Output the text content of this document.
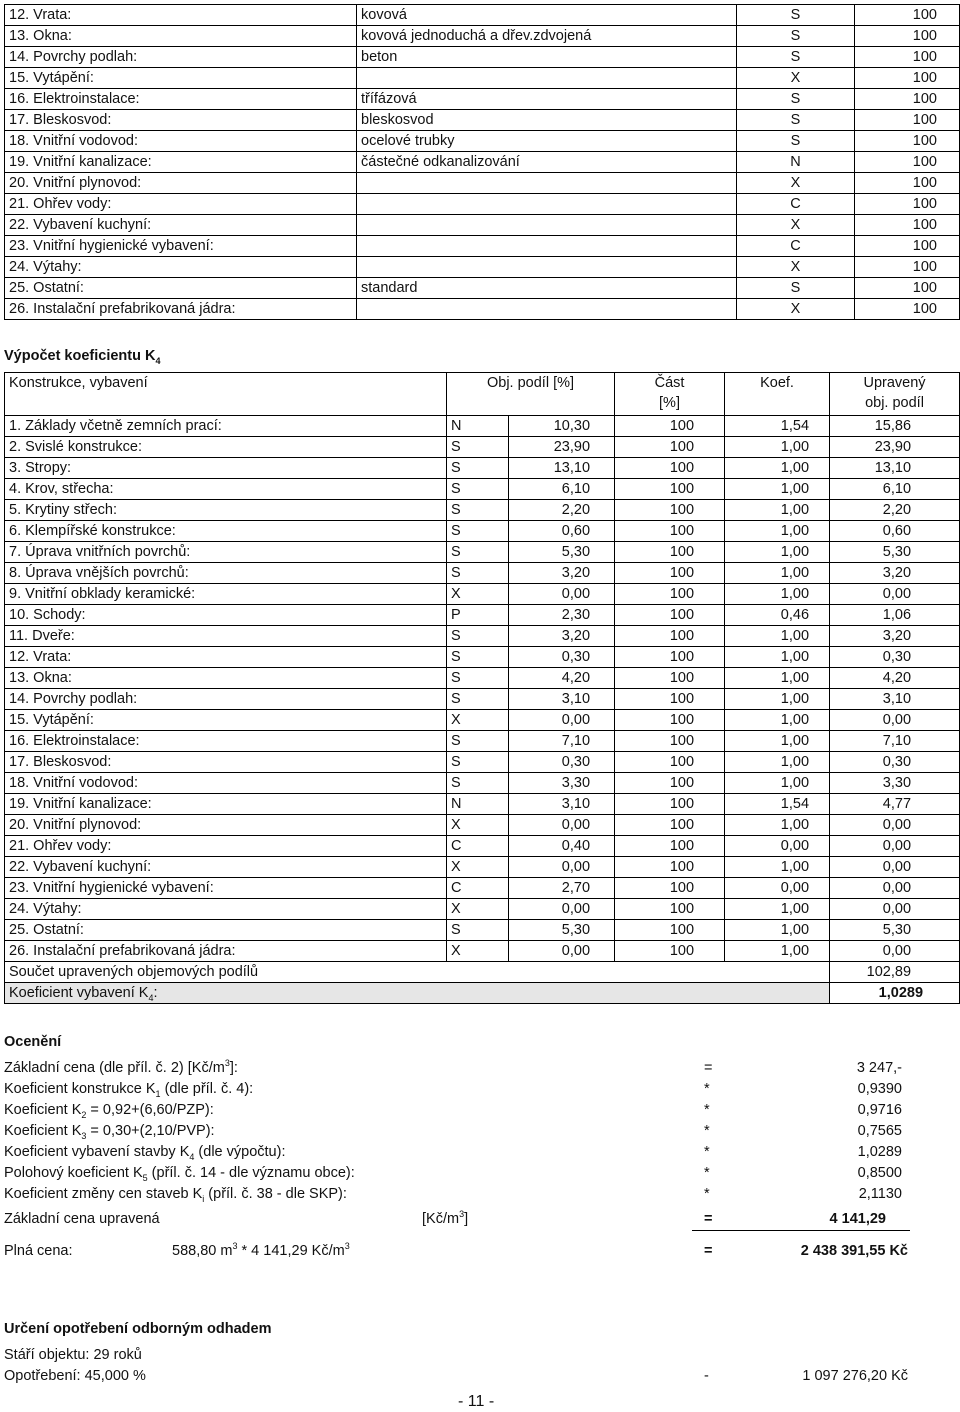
12. Vrata:	kovová	S	100
13. Okna:	kovová jednoduchá a dřev.zdvojená	S	100
14. Povrchy podlah:	beton	S	100
15. Vytápění:		X	100
16. Elektroinstalace:	třífázová	S	100
17. Bleskosvod:	bleskosvod	S	100
18. Vnitřní vodovod:	ocelové trubky	S	100
19. Vnitřní kanalizace:	částečné odkanalizování	N	100
20. Vnitřní plynovod:		X	100
21. Ohřev vody:		C	100
22. Vybavení kuchyní:		X	100
23. Vnitřní hygienické vybavení:		C	100
24. Výtahy:		X	100
25. Ostatní:	standard	S	100
26. Instalační prefabrikovaná jádra:		X	100
Výpočet koeficientu $K_4$
Konstrukce, vybavení	Obj. podíl [%]		Část [%]	Koef.	Upravený obj. podíl
1. Základy včetně zemních prací:	N	10,30	100	1,54	15,86
2. Svislé konstrukce:	S	23,90	100	1,00	23,90
3. Stropy:	S	13,10	100	1,00	13,10
4. Krov, střecha:	S	6,10	100	1,00	6,10
5. Krytiny střech:	S	2,20	100	1,00	2,20
6. Klempířské konstrukce:	S	0,60	100	1,00	0,60
7. Úprava vnitřních povrchů:	S	5,30	100	1,00	5,30
8. Úprava vnějších povrchů:	S	3,20	100	1,00	3,20
9. Vnitřní obklady keramické:	X	0,00	100	1,00	0,00
10. Schody:	P	2,30	100	0,46	1,06
11. Dveře:	S	3,20	100	1,00	3,20
12. Vrata:	S	0,30	100	1,00	0,30
13. Okna:	S	4,20	100	1,00	4,20
14. Povrchy podlah:	S	3,10	100	1,00	3,10
15. Vytápění:	X	0,00	100	1,00	0,00
16. Elektroinstalace:	S	7,10	100	1,00	7,10
17. Bleskosvod:	S	0,30	100	1,00	0,30
18. Vnitřní vodovod:	S	3,30	100	1,00	3,30
19. Vnitřní kanalizace:	N	3,10	100	1,54	4,77
20. Vnitřní plynovod:	X	0,00	100	1,00	0,00
21. Ohřev vody:	C	0,40	100	0,00	0,00
22. Vybavení kuchyní:	X	0,00	100	1,00	0,00
23. Vnitřní hygienické vybavení:	C	2,70	100	0,00	0,00
24. Výtahy:	X	0,00	100	1,00	0,00
25. Ostatní:	S	5,30	100	1,00	5,30
26. Instalační prefabrikovaná jádra:	X	0,00	100	1,00	0,00
Součet upravených objemových podílů					102,89
Koeficient vybavení $K_4$:					1,0289
Ocenění
Základní cena (dle příl. č. 2) $[Kč/m^3]$:	=	3 247,-
Koeficient konstrukce $K_1$ (dle příl. č. 4):	*	0,9390
Koeficient $K_2 = 0,92+(6,60/PZP)$:	*	0,9716
Koeficient $K_3 = 0,30+(2,10/PVP)$:	*	0,7565
Koeficient vybavení stavby $K_4$ (dle výpočtu):	*	1,0289
Polohový koeficient $K_5$ (příl. č. 14 - dle významu obce):	*	0,8500
Koeficient změny cen staveb $K_i$ (příl. č. 38 - dle SKP):	*	2,1130
Základní cena upravená	$[Kč/m^3]$	=	4 141,29
Plná cena:	588,80 $m^3 * 4$ 141,29 $Kč/m^3$	=	2 438 391,55 Kč
Určení opotřebení odborným odhadem
Stáří objektu: 29 roků
Opotřebení: 45,000 %	-	1 097 276,20 Kč
- 11 -
